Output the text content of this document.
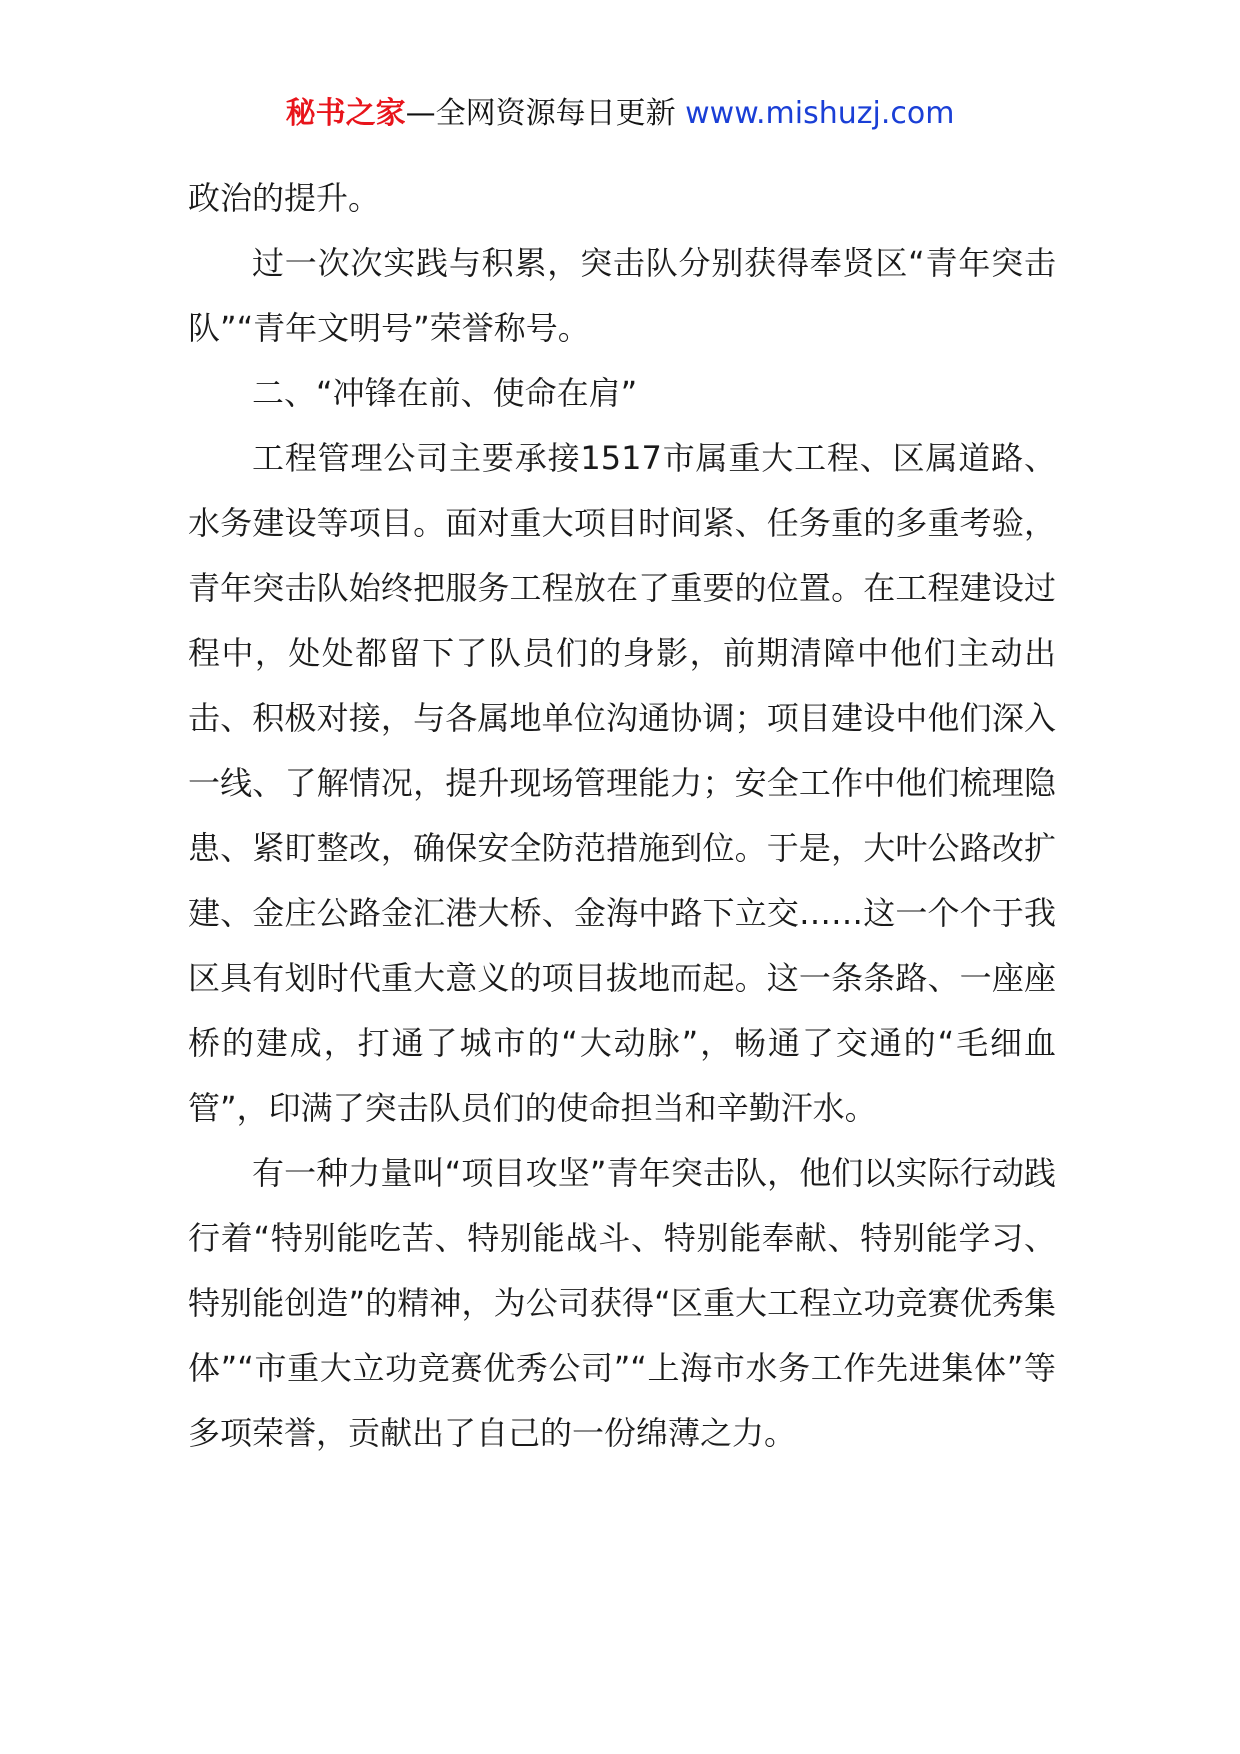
秘书之家—全网资源每日更新 www.mishuzj.com

政治的提升。

过一次次实践与积累，突击队分别获得奉贤区“青年突击队”“青年文明号”荣誉称号。

二、“冲锋在前、使命在肩”

工程管理公司主要承接1517市属重大工程、区属道路、水务建设等项目。面对重大项目时间紧、任务重的多重考验，青年突击队始终把服务工程放在了重要的位置。在工程建设过程中，处处都留下了队员们的身影，前期清障中他们主动出击、积极对接，与各属地单位沟通协调；项目建设中他们深入一线、了解情况，提升现场管理能力；安全工作中他们梳理隐患、紧盯整改，确保安全防范措施到位。于是，大叶公路改扩建、金庄公路金汇港大桥、金海中路下立交……这一个个于我区具有划时代重大意义的项目拔地而起。这一条条路、一座座桥的建成，打通了城市的“大动脉”，畅通了交通的“毛细血管”，印满了突击队员们的使命担当和辛勤汗水。

有一种力量叫“项目攻坚”青年突击队，他们以实际行动践行着“特别能吃苦、特别能战斗、特别能奉献、特别能学习、特别能创造”的精神，为公司获得“区重大工程立功竞赛优秀集体”“市重大立功竞赛优秀公司”“上海市水务工作先进集体”等多项荣誉，贡献出了自己的一份绵薄之力。
